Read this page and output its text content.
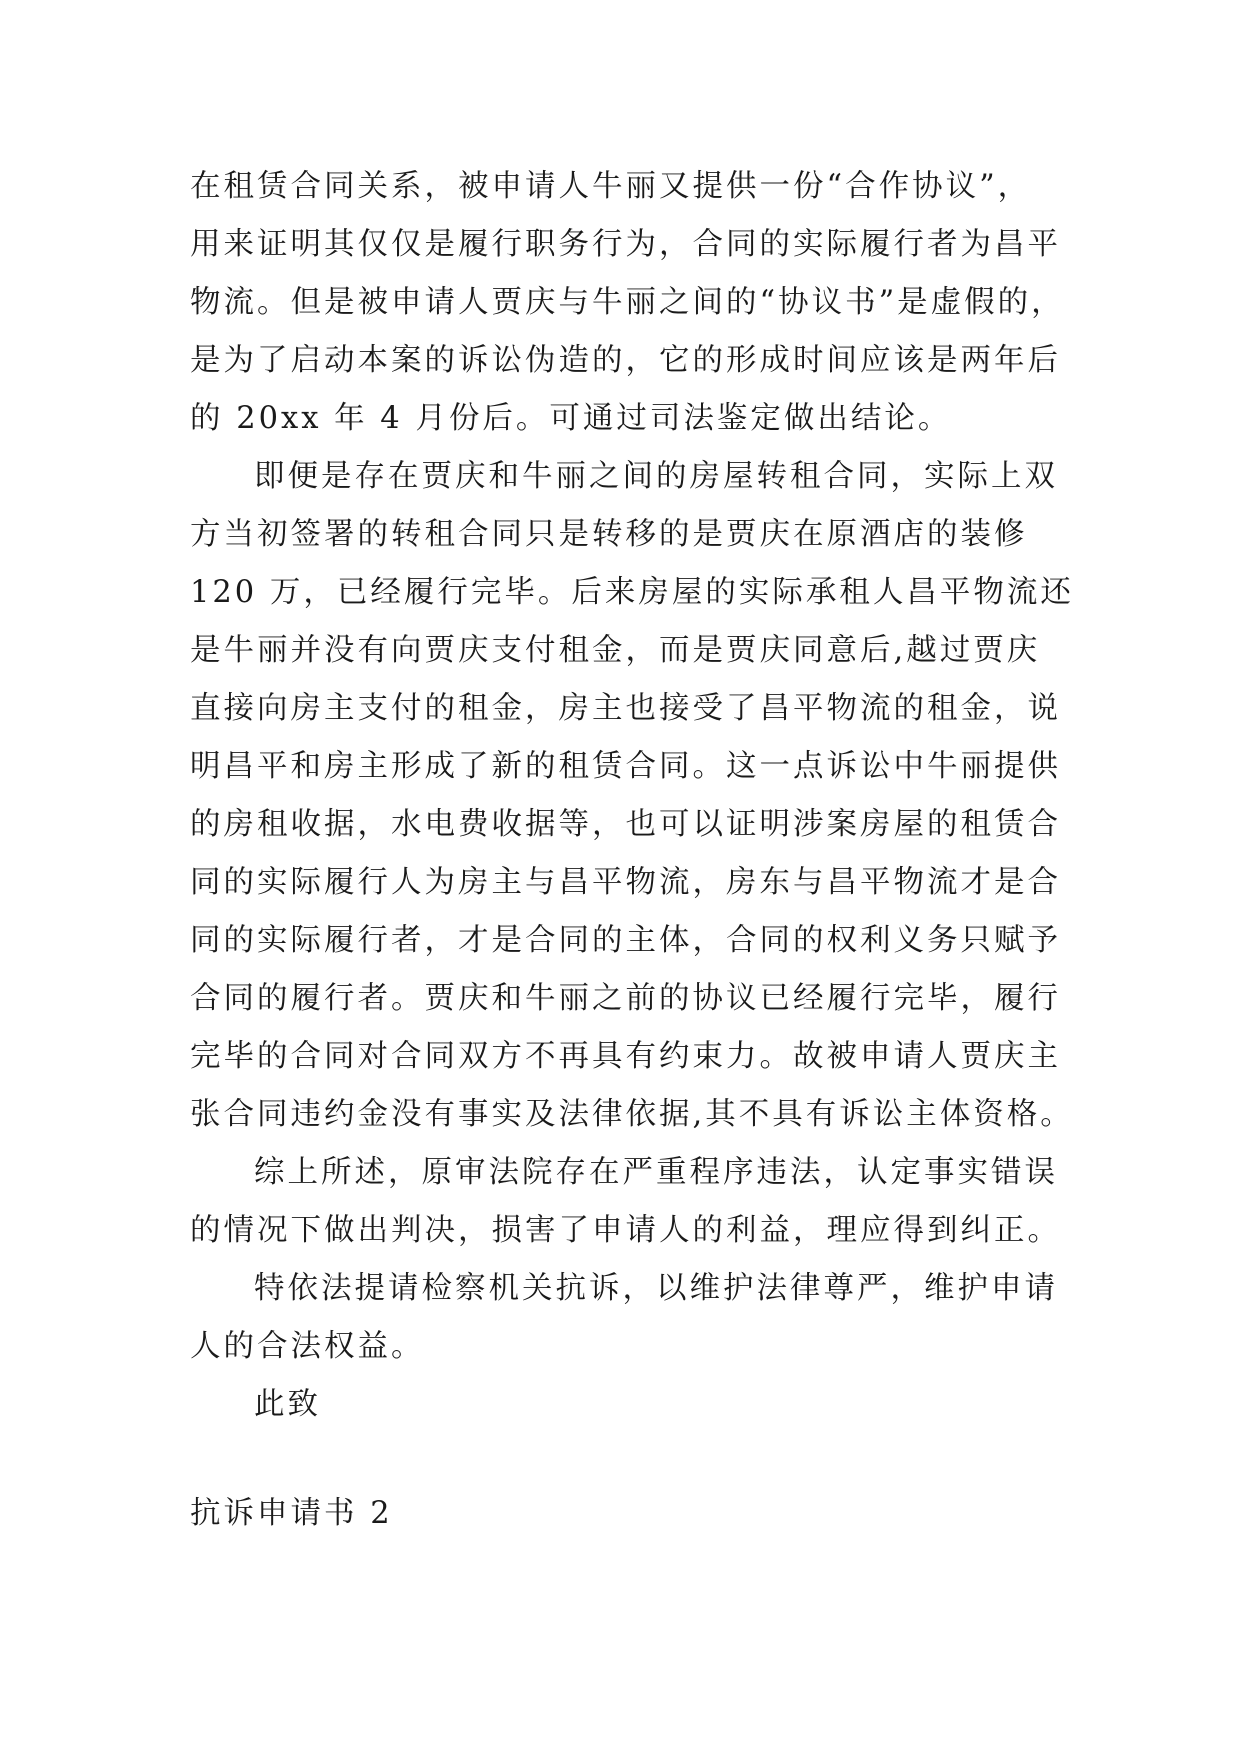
在租赁合同关系，被申请人牛丽又提供一份“合作协议”，
用来证明其仅仅是履行职务行为，合同的实际履行者为昌平
物流。但是被申请人贾庆与牛丽之间的“协议书”是虚假的，
是为了启动本案的诉讼伪造的，它的形成时间应该是两年后
的 20xx 年 4 月份后。可通过司法鉴定做出结论。
即便是存在贾庆和牛丽之间的房屋转租合同，实际上双
方当初签署的转租合同只是转移的是贾庆在原酒店的装修
120 万，已经履行完毕。后来房屋的实际承租人昌平物流还
是牛丽并没有向贾庆支付租金，而是贾庆同意后,越过贾庆
直接向房主支付的租金，房主也接受了昌平物流的租金，说
明昌平和房主形成了新的租赁合同。这一点诉讼中牛丽提供
的房租收据，水电费收据等，也可以证明涉案房屋的租赁合
同的实际履行人为房主与昌平物流，房东与昌平物流才是合
同的实际履行者，才是合同的主体，合同的权利义务只赋予
合同的履行者。贾庆和牛丽之前的协议已经履行完毕，履行
完毕的合同对合同双方不再具有约束力。故被申请人贾庆主
张合同违约金没有事实及法律依据,其不具有诉讼主体资格。
综上所述，原审法院存在严重程序违法，认定事实错误
的情况下做出判决，损害了申请人的利益，理应得到纠正。
特依法提请检察机关抗诉，以维护法律尊严，维护申请
人的合法权益。
此致
抗诉申请书 2
